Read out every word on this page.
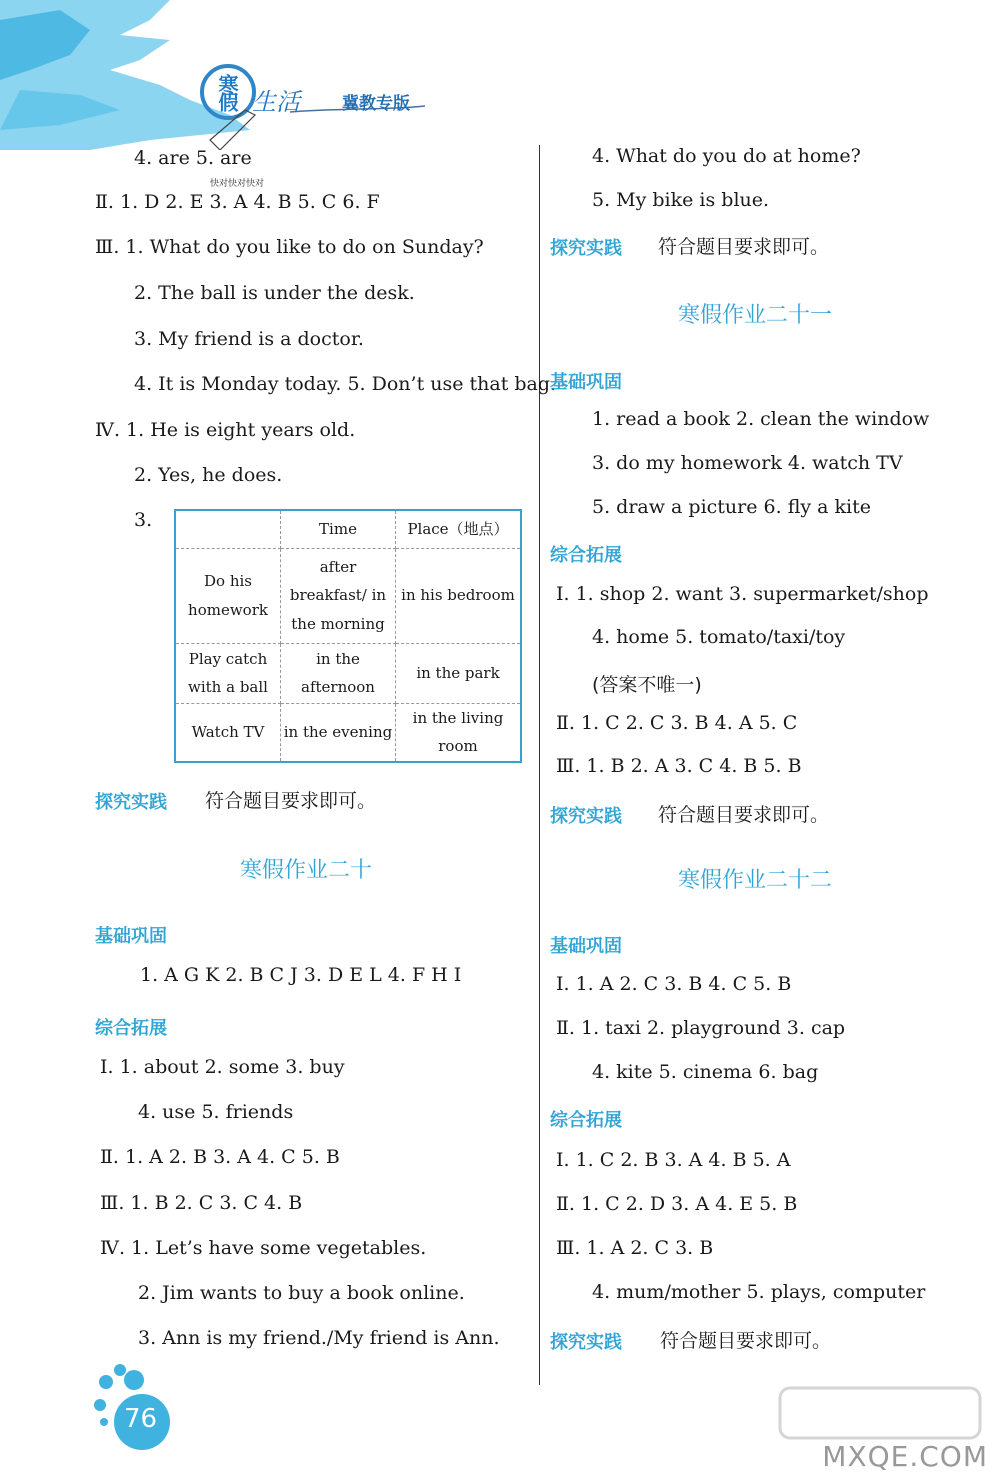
寒假 生活 冀教专版
快对快对快对
4. are 5. are
Ⅱ. 1. D 2. E 3. A 4. B 5. C 6. F
Ⅲ. 1. What do you like to do on Sunday?
2. The ball is under the desk.
3. My friend is a doctor.
4. It is Monday today. 5. Don’t use that bag.
Ⅳ. 1. He is eight years old.
2. Yes, he does.
3.
		Time	Place（地点）
Do his homework	after breakfast/ in the morning	in his bedroom
Play catch with a ball	in the afternoon	in the park
Watch TV	in the evening	in the living room
探究实践 符合题目要求即可。
寒假作业二十
基础巩固
1. A G K 2. B C J 3. D E L 4. F H I
综合拓展
Ⅰ. 1. about 2. some 3. buy
4. use 5. friends
Ⅱ. 1. A 2. B 3. A 4. C 5. B
Ⅲ. 1. B 2. C 3. C 4. B
Ⅳ. 1. Let’s have some vegetables.
2. Jim wants to buy a book online.
3. Ann is my friend./My friend is Ann.
4. What do you do at home?
5. My bike is blue.
探究实践 符合题目要求即可。
寒假作业二十一
基础巩固
1. read a book 2. clean the window
3. do my homework 4. watch TV
5. draw a picture 6. fly a kite
综合拓展
Ⅰ. 1. shop 2. want 3. supermarket/shop
4. home 5. tomato/taxi/toy
(答案不唯一)
Ⅱ. 1. C 2. C 3. B 4. A 5. C
Ⅲ. 1. B 2. A 3. C 4. B 5. B
探究实践 符合题目要求即可。
寒假作业二十二
基础巩固
Ⅰ. 1. A 2. C 3. B 4. C 5. B
Ⅱ. 1. taxi 2. playground 3. cap
4. kite 5. cinema 6. bag
综合拓展
Ⅰ. 1. C 2. B 3. A 4. B 5. A
Ⅱ. 1. C 2. D 3. A 4. E 5. B
Ⅲ. 1. A 2. C 3. B
4. mum/mother 5. plays, computer
探究实践 符合题目要求即可。
76
MXQE.COM
